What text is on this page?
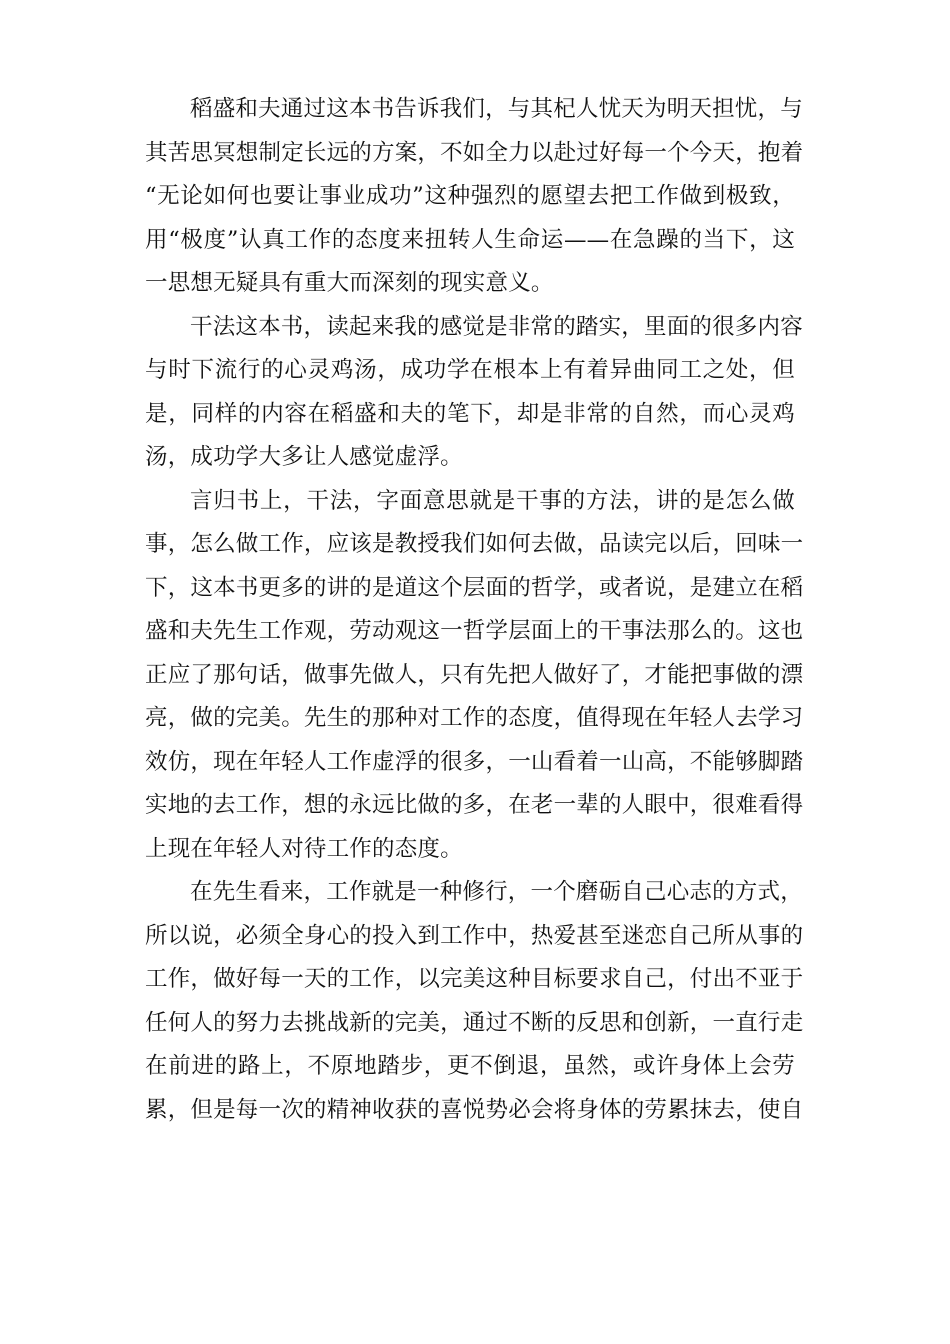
稻盛和夫通过这本书告诉我们，与其杞人忧天为明天担忧，与
其苦思冥想制定长远的方案，不如全力以赴过好每一个今天，抱着
“无论如何也要让事业成功”这种强烈的愿望去把工作做到极致，
用“极度”认真工作的态度来扭转人生命运——在急躁的当下，这
一思想无疑具有重大而深刻的现实意义。
干法这本书，读起来我的感觉是非常的踏实，里面的很多内容
与时下流行的心灵鸡汤，成功学在根本上有着异曲同工之处，但
是，同样的内容在稻盛和夫的笔下，却是非常的自然，而心灵鸡
汤，成功学大多让人感觉虚浮。
言归书上，干法，字面意思就是干事的方法，讲的是怎么做
事，怎么做工作，应该是教授我们如何去做，品读完以后，回味一
下，这本书更多的讲的是道这个层面的哲学，或者说，是建立在稻
盛和夫先生工作观，劳动观这一哲学层面上的干事法那么的。这也
正应了那句话，做事先做人，只有先把人做好了，才能把事做的漂
亮，做的完美。先生的那种对工作的态度，值得现在年轻人去学习
效仿，现在年轻人工作虚浮的很多，一山看着一山高，不能够脚踏
实地的去工作，想的永远比做的多，在老一辈的人眼中，很难看得
上现在年轻人对待工作的态度。
在先生看来，工作就是一种修行，一个磨砺自己心志的方式，
所以说，必须全身心的投入到工作中，热爱甚至迷恋自己所从事的
工作，做好每一天的工作，以完美这种目标要求自己，付出不亚于
任何人的努力去挑战新的完美，通过不断的反思和创新，一直行走
在前进的路上，不原地踏步，更不倒退，虽然，或许身体上会劳
累，但是每一次的精神收获的喜悦势必会将身体的劳累抹去，使自
